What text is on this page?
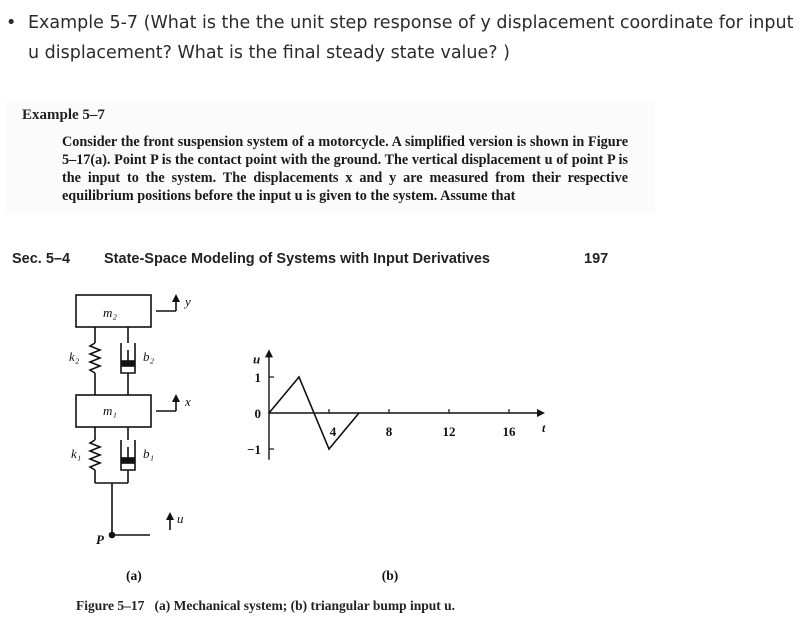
• Example 5-7 (What is the the unit step response of y displacement coordinate for input u displacement? What is the final steady state value? )
Example 5–7
Consider the front suspension system of a motorcycle. A simplified version is shown in Figure 5–17(a). Point P is the contact point with the ground. The vertical displacement u of point P is the input to the system. The displacements x and y are measured from their respective equilibrium positions before the input u is given to the system. Assume that
Sec. 5–4 State-Space Modeling of Systems with Input Derivatives	197
m₂
m₁
k₂
k₁
b₂
b₁
y
x
u
P
(a)
4	8	12	16
1
0
−1
u
t
(b)
Figure 5–17 (a) Mechanical system; (b) triangular bump input u.
